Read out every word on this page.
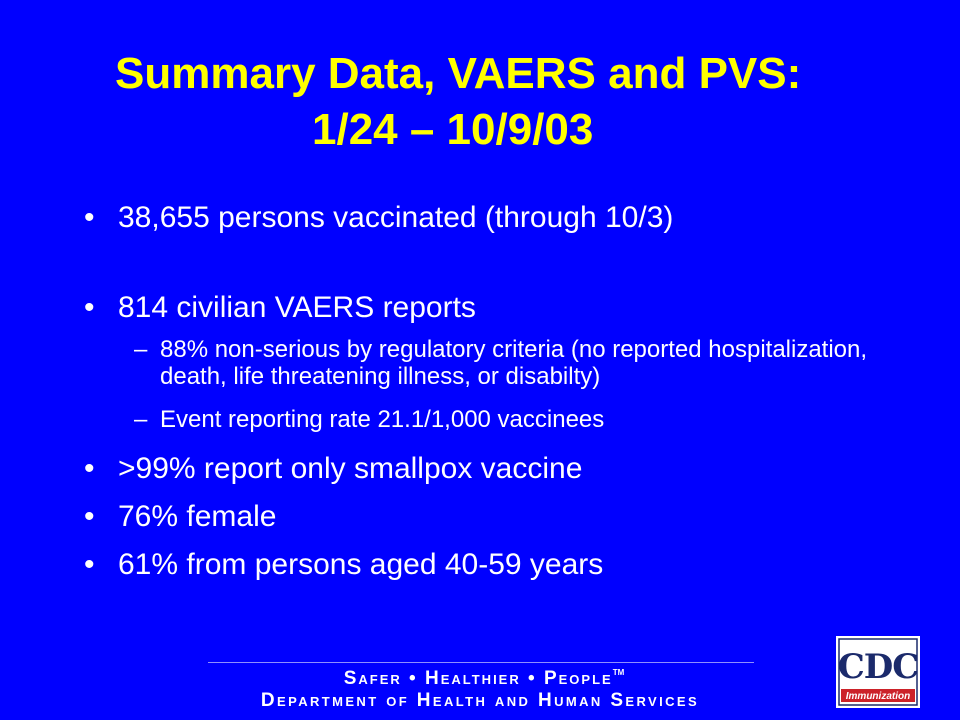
Summary Data, VAERS and PVS:
1/24 – 10/9/03
• 38,655 persons vaccinated (through 10/3)
• 814 civilian VAERS reports
– 88% non-serious by regulatory criteria (no reported hospitalization, death, life threatening illness, or disabilty)
– Event reporting rate 21.1/1,000 vaccinees
• >99% report only smallpox vaccine
• 76% female
• 61% from persons aged 40-59 years
Safer • Healthier • People™
Department of Health and Human Services
CDC
Immunization
